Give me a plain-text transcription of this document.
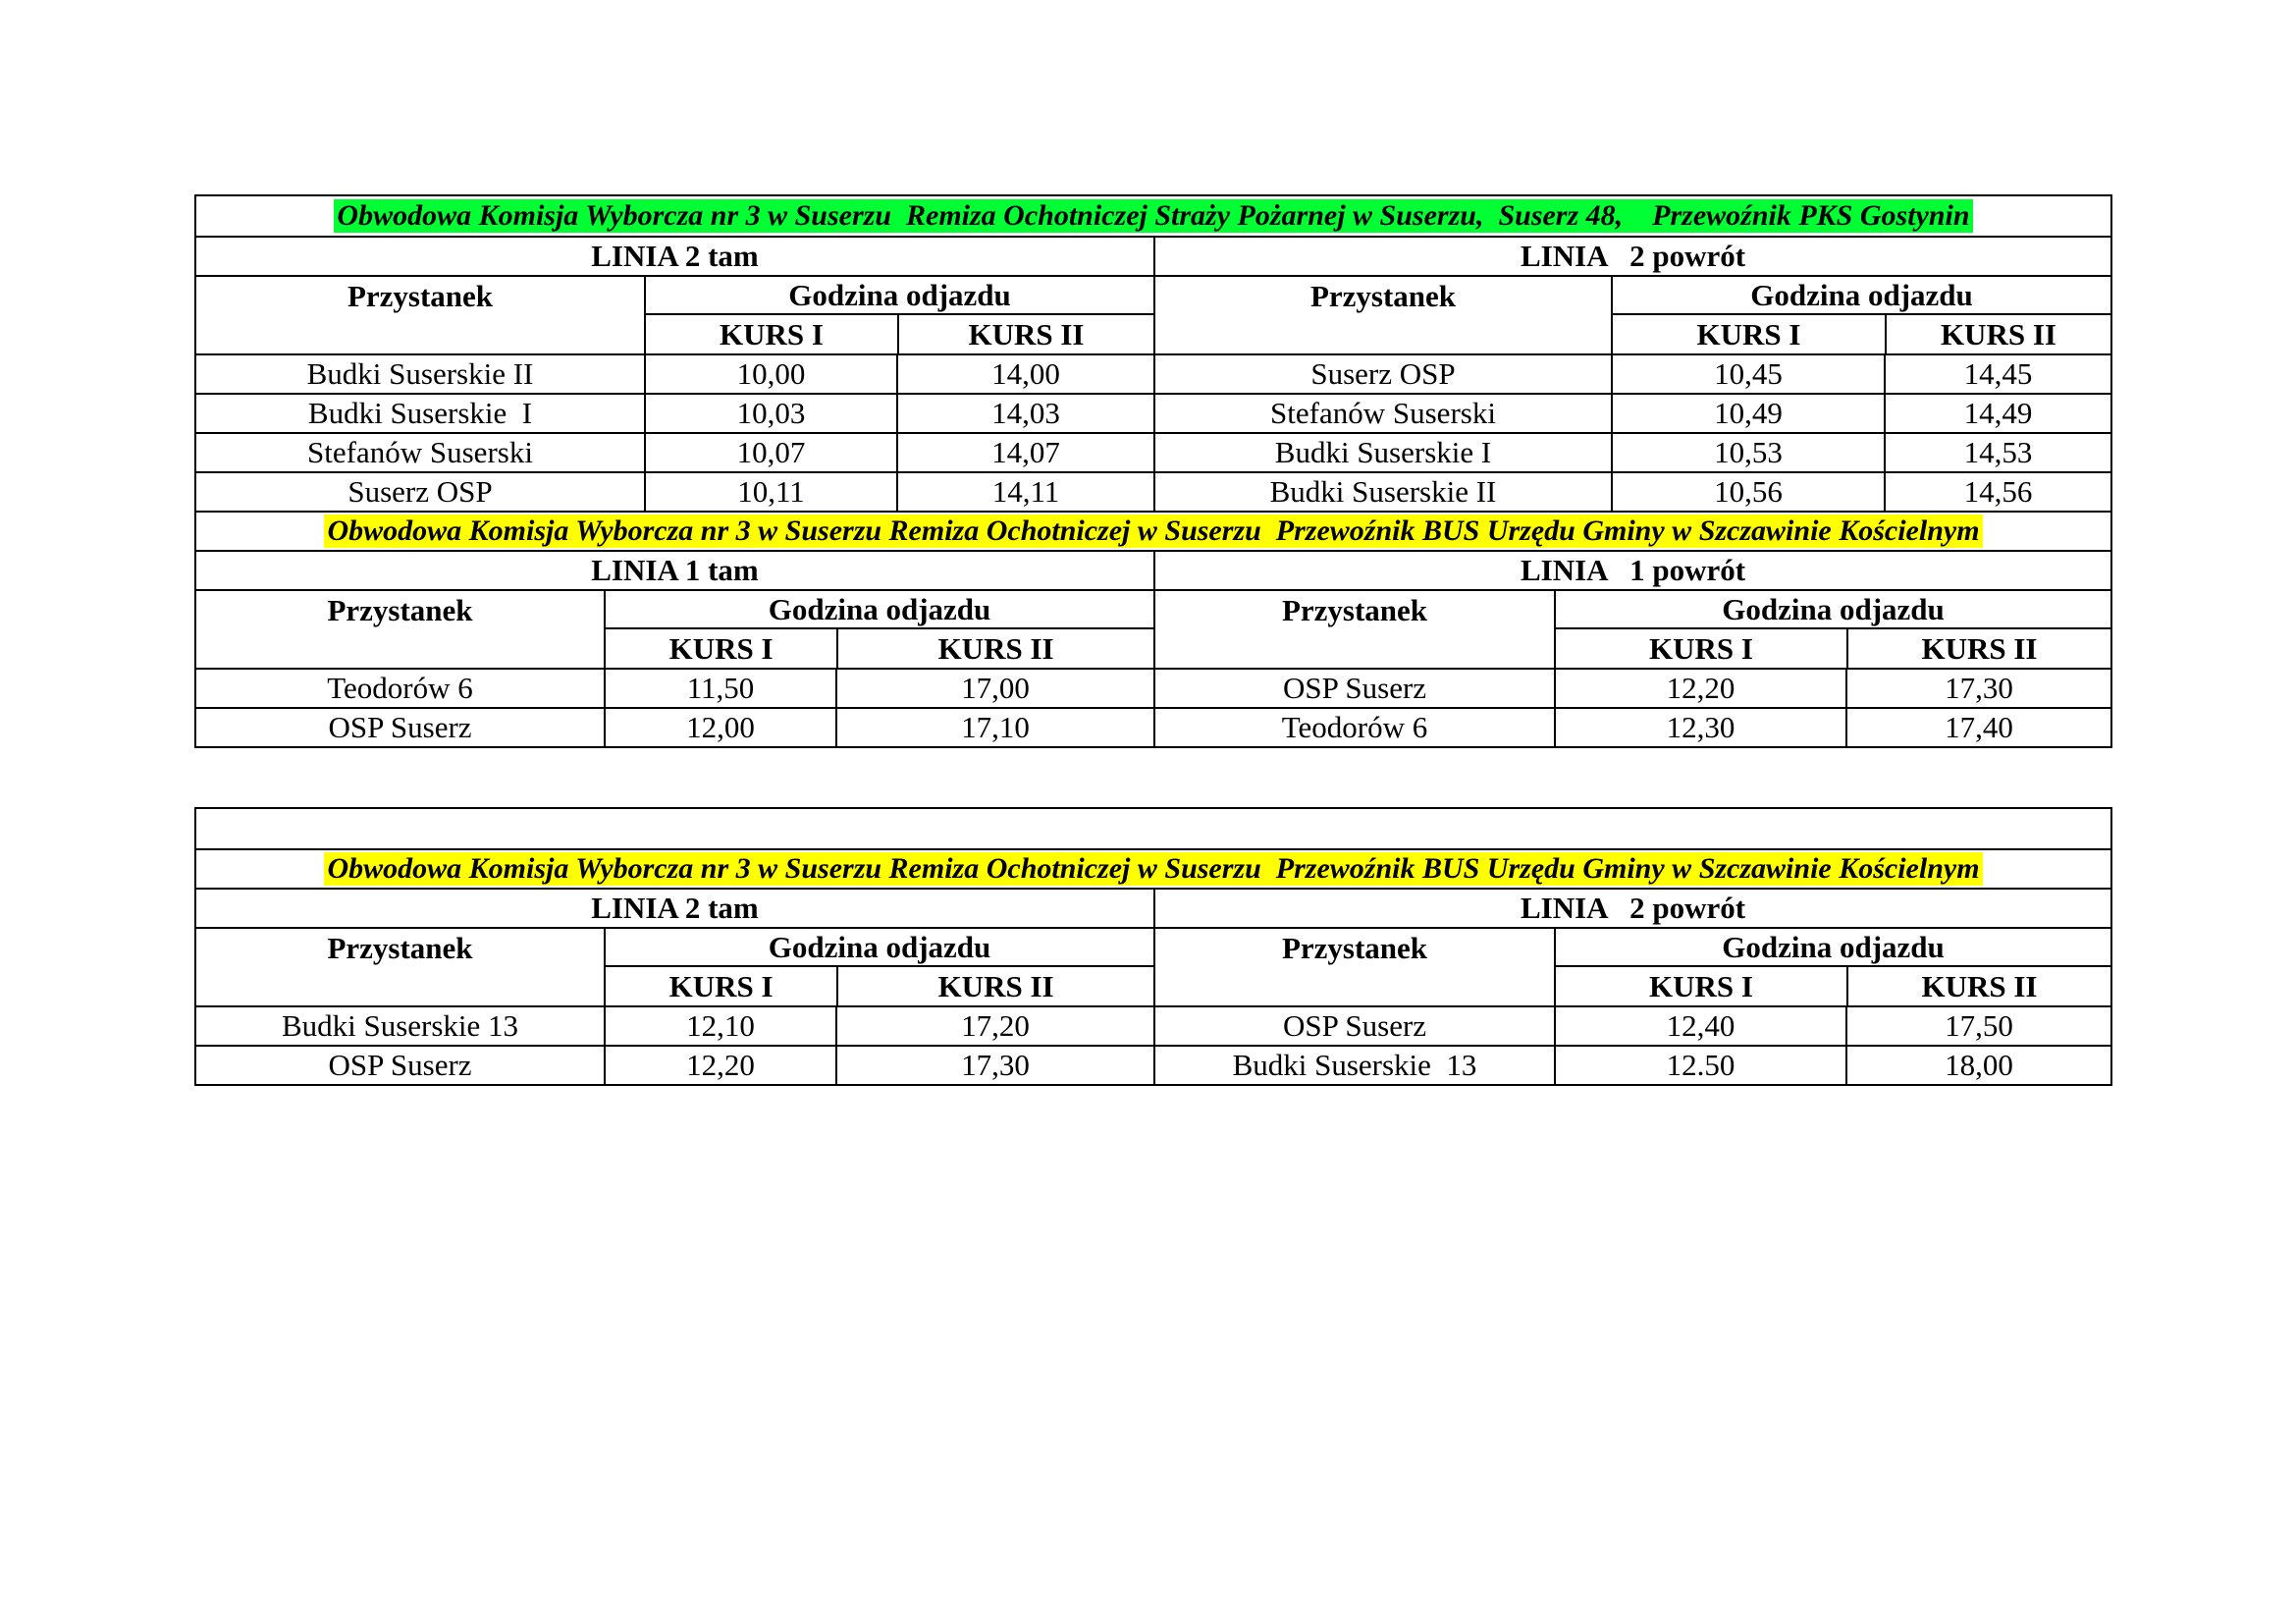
Obwodowa Komisja Wyborcza nr 3 w Suserzu  Remiza Ochotniczej Straży Pożarnej w Suserzu,  Suserz 48,    Przewoźnik PKS Gostynin
LINIA 2 tam	LINIA   2 powrót
Przystanek	Godzina odjazdu
KURS I	KURS II
Przystanek	Godzina odjazdu
KURS I	KURS II
Budki Suserskie II	10,00	14,00	Suserz OSP	10,45	14,45
Budki Suserskie  I	10,03	14,03	Stefanów Suserski	10,49	14,49
Stefanów Suserski	10,07	14,07	Budki Suserskie I	10,53	14,53
Suserz OSP	10,11	14,11	Budki Suserskie II	10,56	14,56
Obwodowa Komisja Wyborcza nr 3 w Suserzu Remiza Ochotniczej w Suserzu  Przewoźnik BUS Urzędu Gminy w Szczawinie Kościelnym
LINIA 1 tam	LINIA   1 powrót
Przystanek	Godzina odjazdu
KURS I	KURS II
Przystanek	Godzina odjazdu
KURS I	KURS II
Teodorów 6	11,50	17,00	OSP Suserz	12,20	17,30
OSP Suserz	12,00	17,10	Teodorów 6	12,30	17,40
Obwodowa Komisja Wyborcza nr 3 w Suserzu Remiza Ochotniczej w Suserzu  Przewoźnik BUS Urzędu Gminy w Szczawinie Kościelnym
LINIA 2 tam	LINIA   2 powrót
Przystanek	Godzina odjazdu
KURS I	KURS II
Przystanek	Godzina odjazdu
KURS I	KURS II
Budki Suserskie 13	12,10	17,20	OSP Suserz	12,40	17,50
OSP Suserz	12,20	17,30	Budki Suserskie  13	12.50	18,00
